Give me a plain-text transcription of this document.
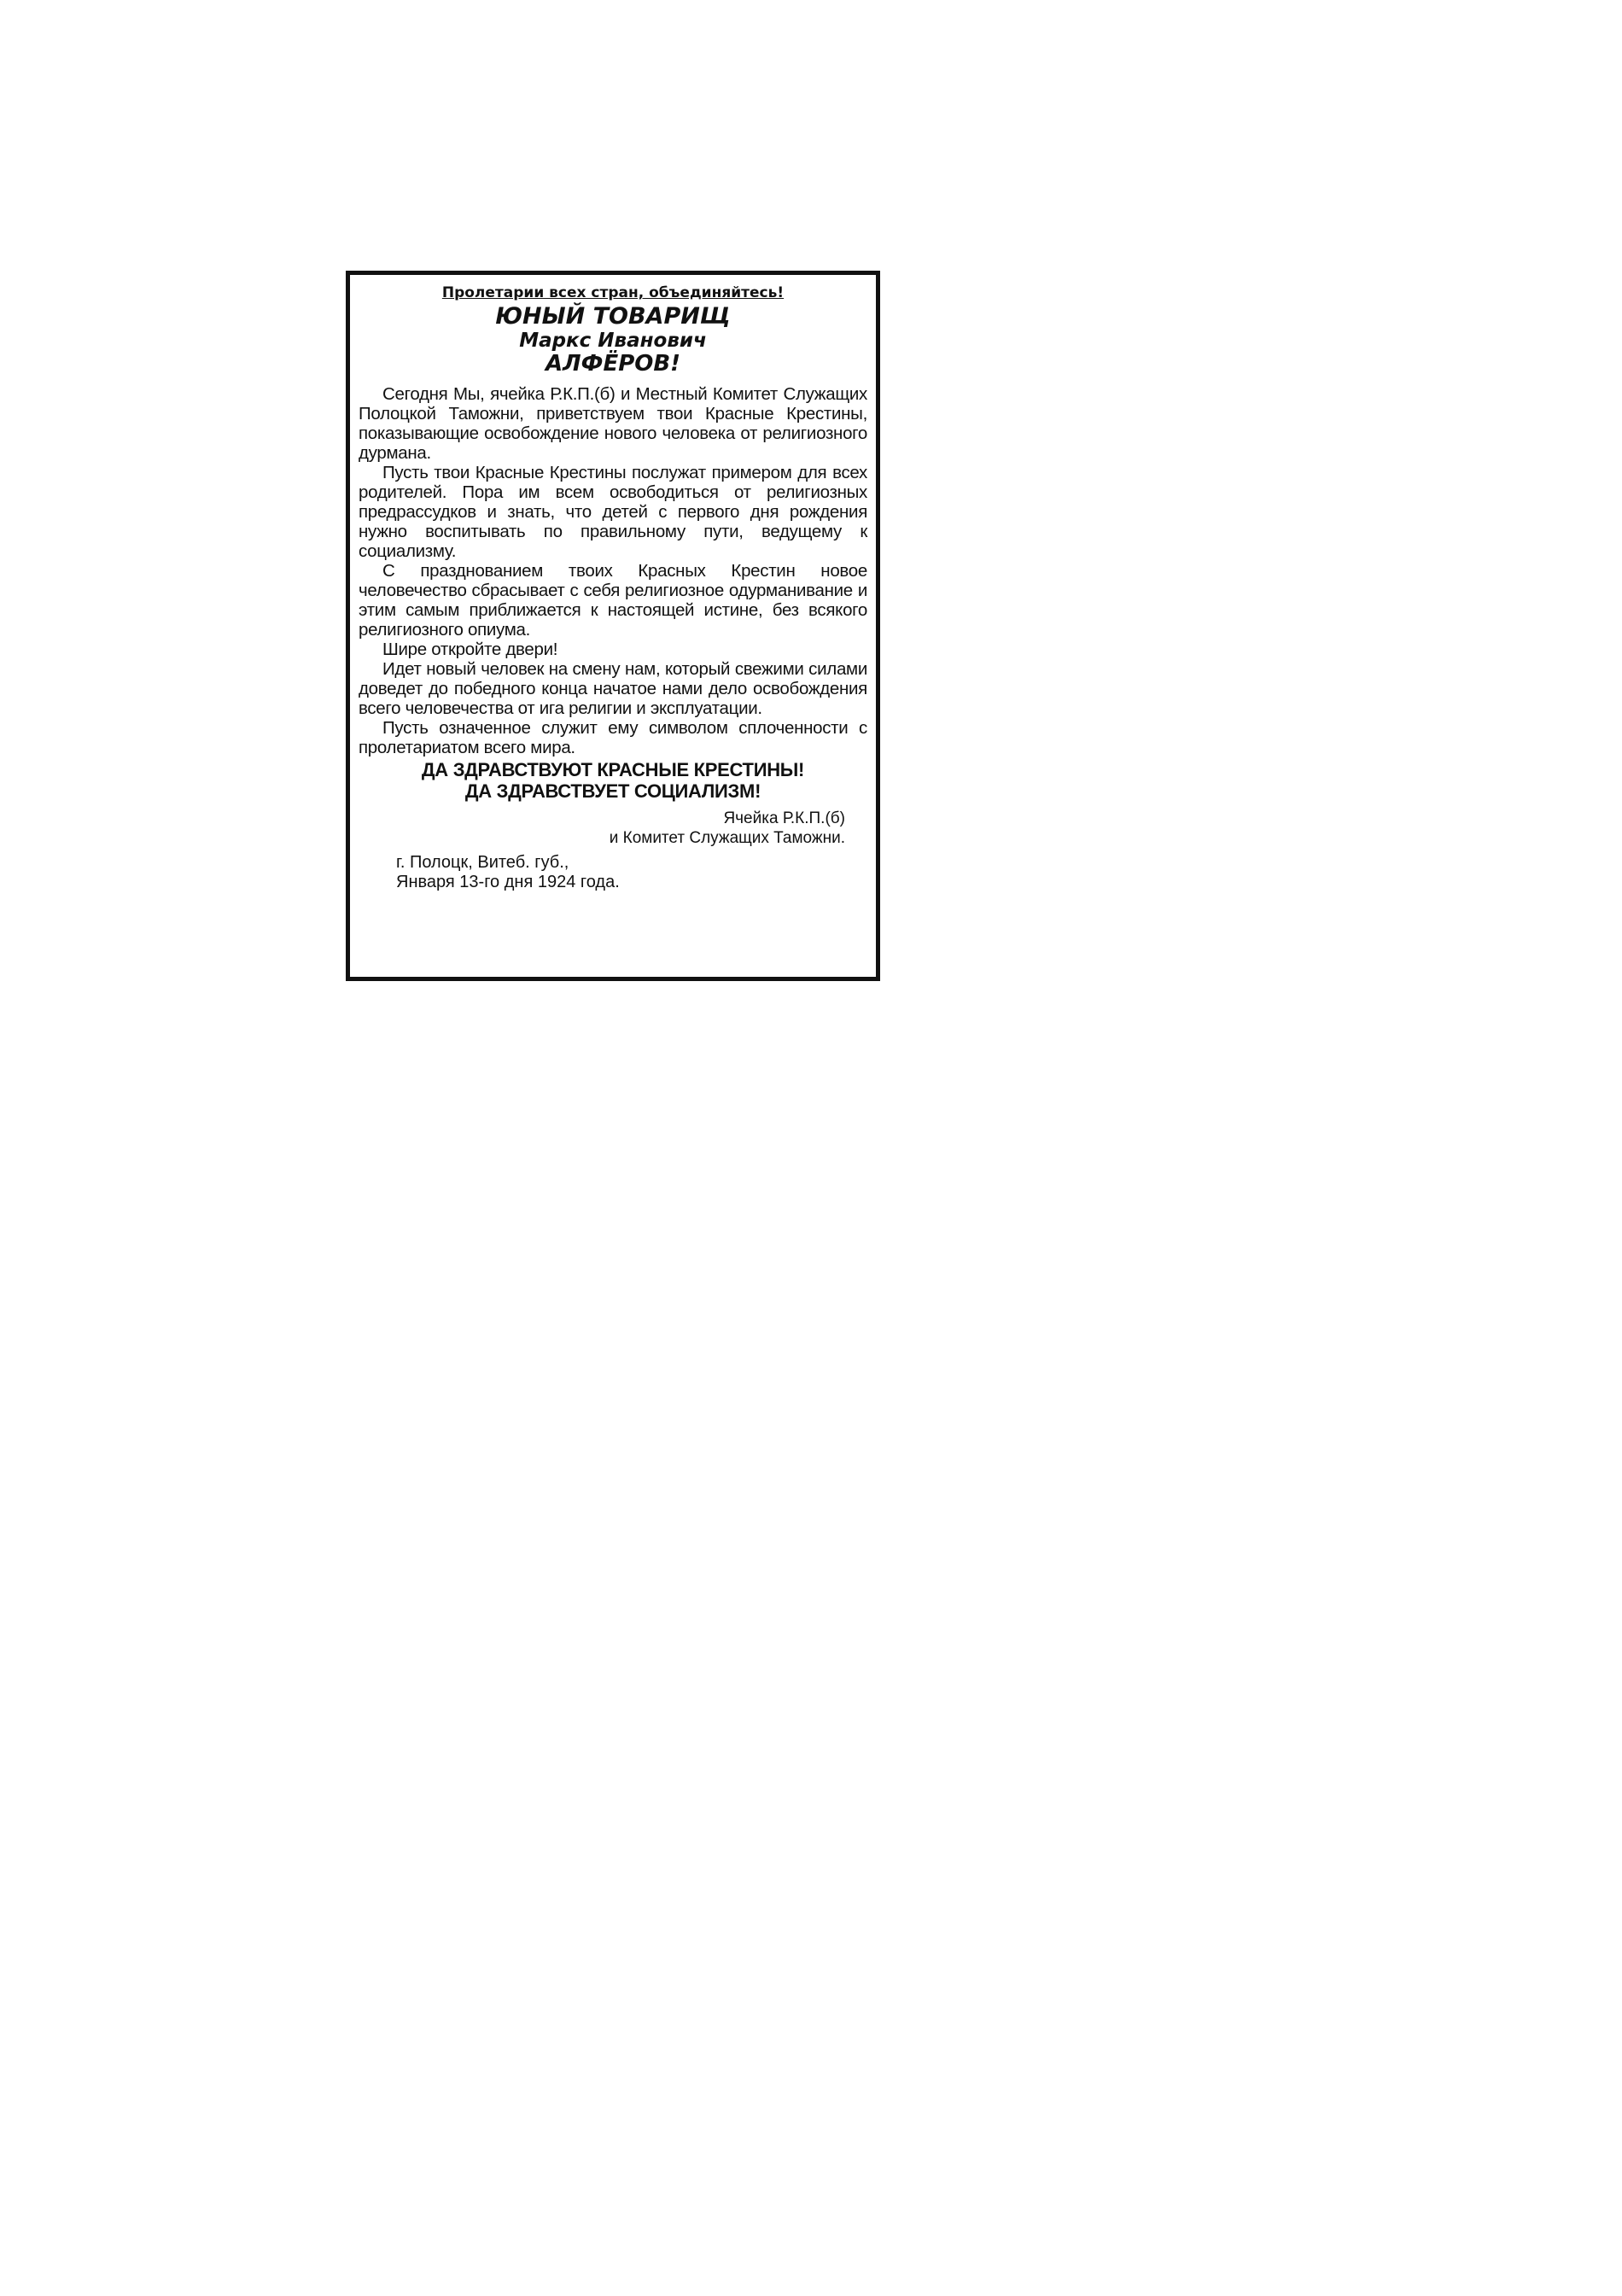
Пролетарии всех стран, объединяйтесь!
ЮНЫЙ ТОВАРИЩ
Маркс Иванович
АЛФЁРОВ!

Сегодня Мы, ячейка Р.К.П.(б) и Местный Комитет Служащих Полоцкой Таможни, приветствуем твои Красные Крестины, показывающие освобождение нового человека от религиозного дурмана.

Пусть твои Красные Крестины послужат примером для всех родителей. Пора им всем освободиться от религиозных предрассудков и знать, что детей с первого дня рождения нужно воспитывать по правильному пути, ведущему к социализму.

С празднованием твоих Красных Крестин новое человечество сбрасывает с себя религиозное одурманивание и этим самым приближается к настоящей истине, без всякого религиозного опиума.

Шире откройте двери!

Идет новый человек на смену нам, который свежими силами доведет до победного конца начатое нами дело освобождения всего человечества от ига религии и эксплуатации.

Пусть означенное служит ему символом сплоченности с пролетариатом всего мира.

ДА ЗДРАВСТВУЮТ КРАСНЫЕ КРЕСТИНЫ!
ДА ЗДРАВСТВУЕТ СОЦИАЛИЗМ!
Ячейка Р.К.П.(б)
и Комитет Служащих Таможни.
г. Полоцк, Витеб. губ.,
Января 13-го дня 1924 года.
